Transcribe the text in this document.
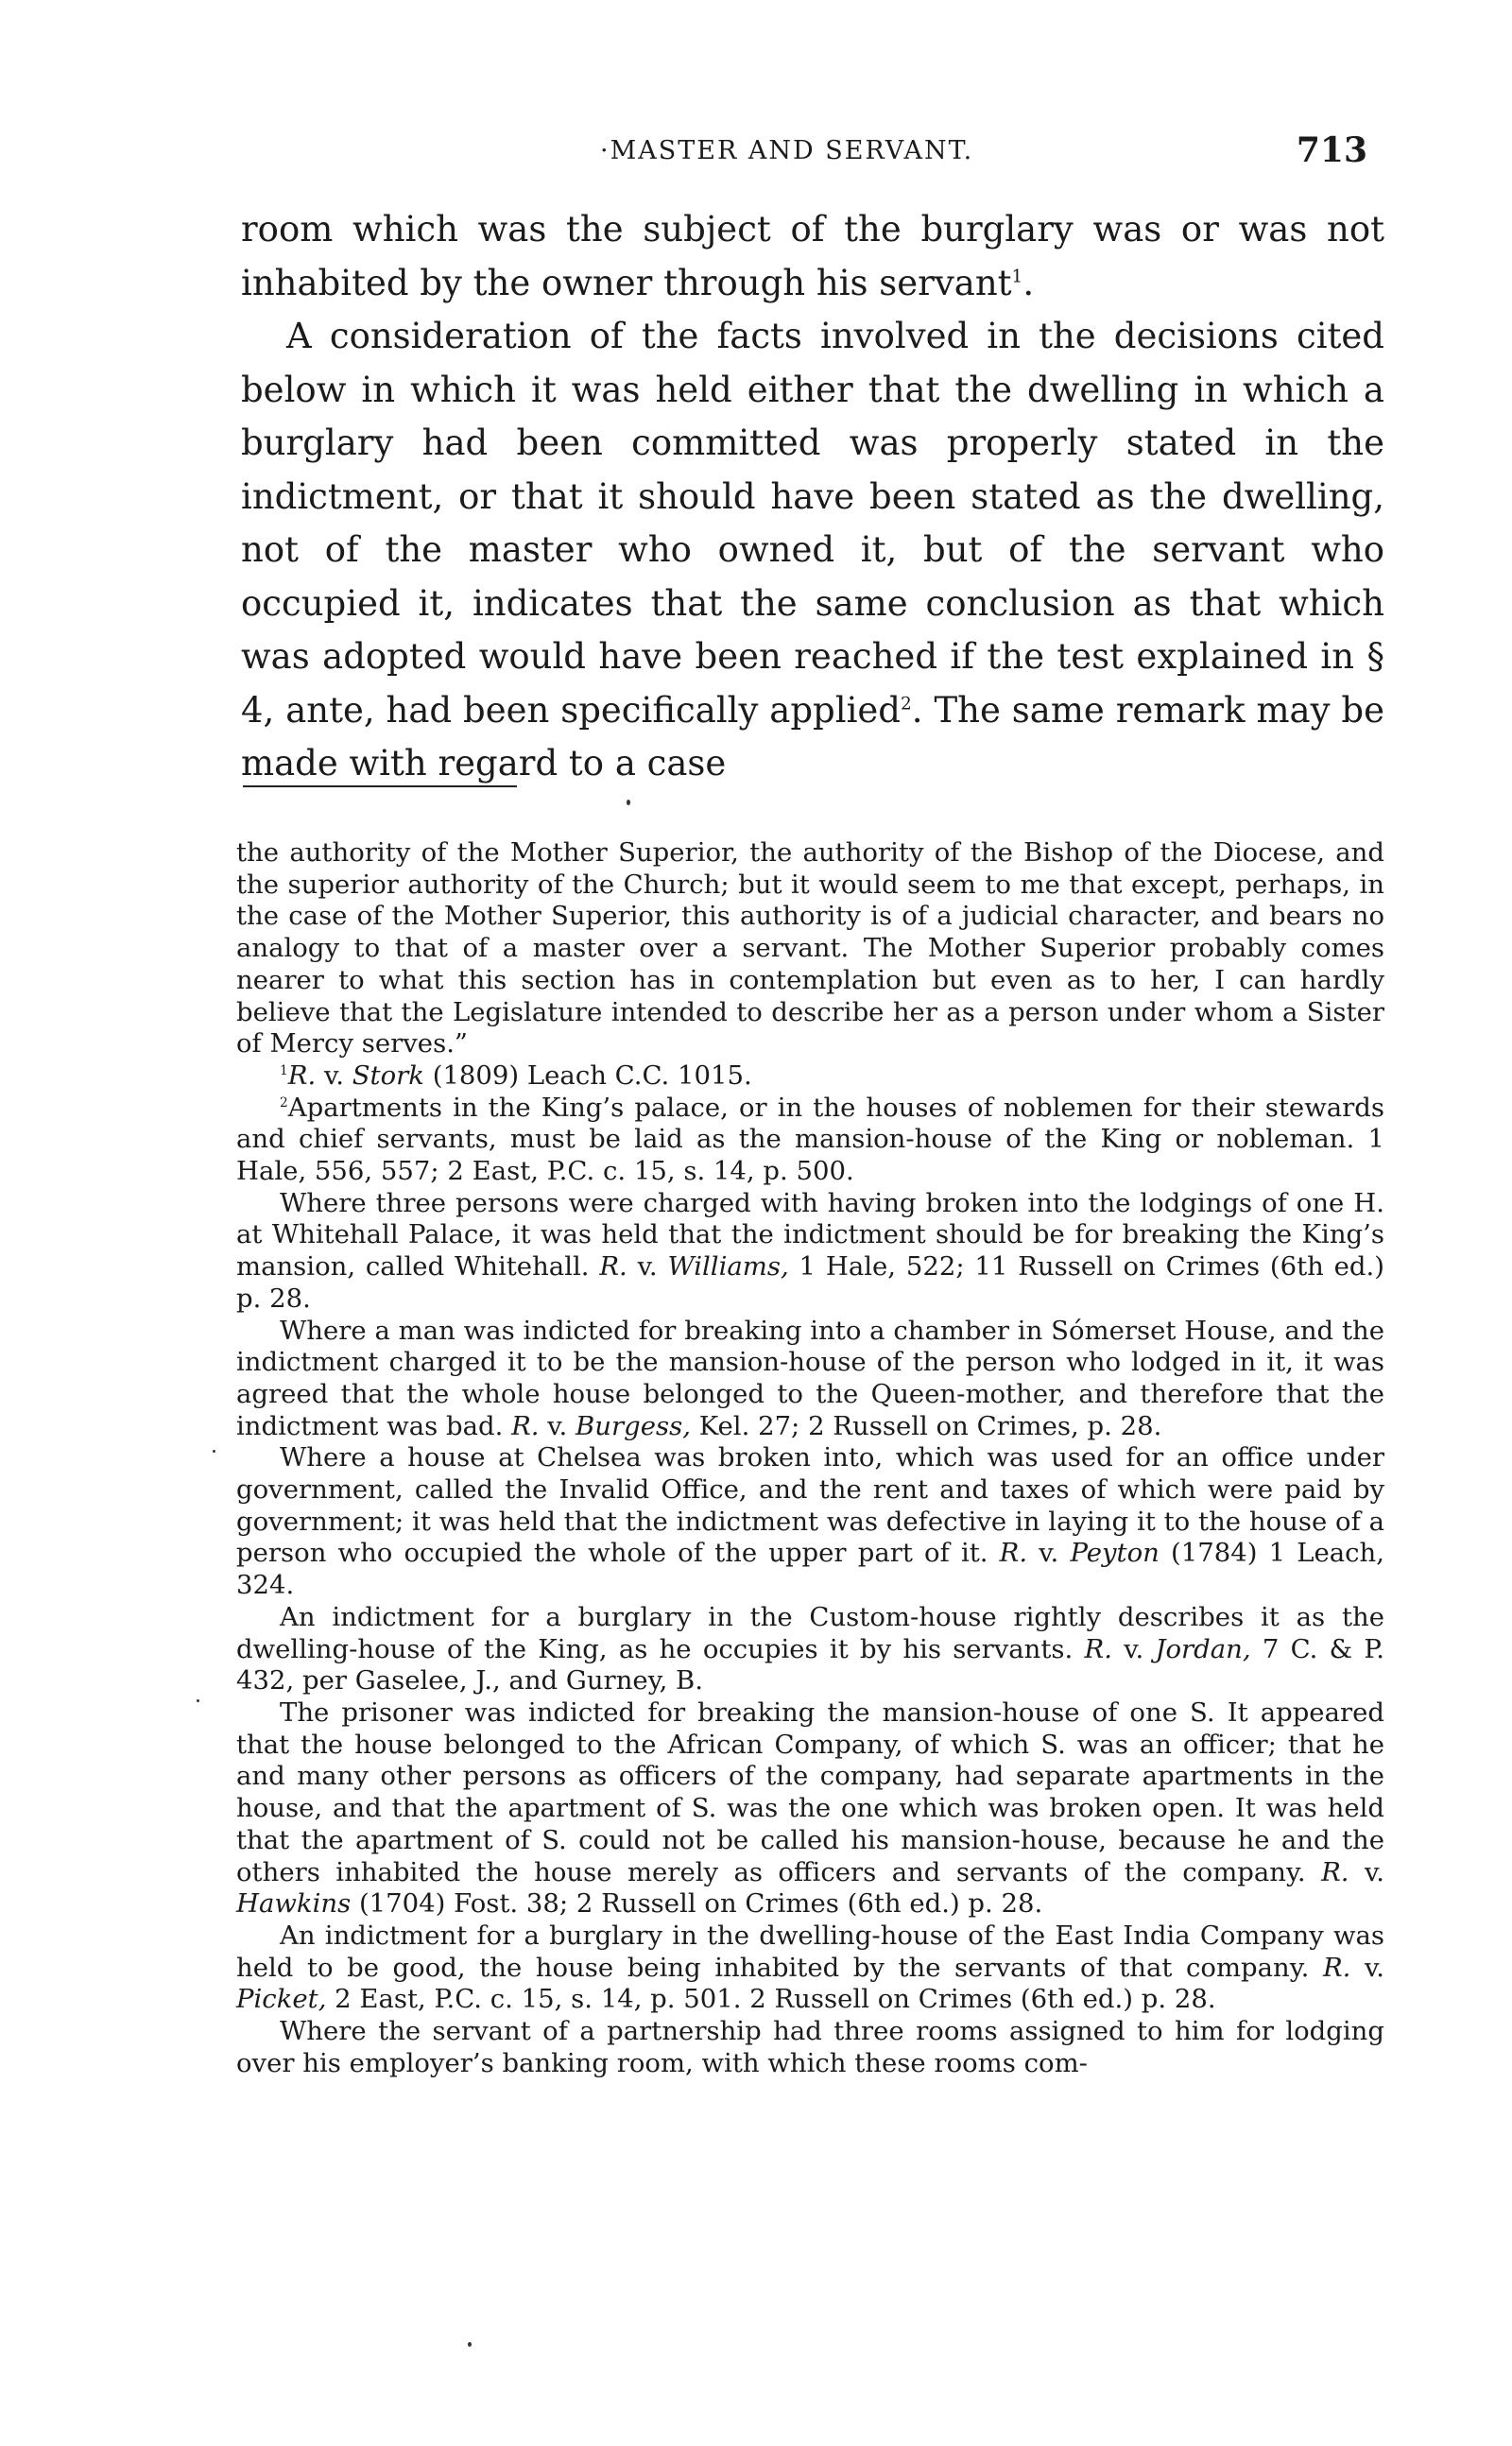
·MASTER AND SERVANT.	713

room which was the subject of the burglary was or was not inhabited by the owner through his servant$^1$.

A consideration of the facts involved in the decisions cited below in which it was held either that the dwelling in which a burglary had been committed was properly stated in the indictment, or that it should have been stated as the dwelling, not of the master who owned it, but of the servant who occupied it, indicates that the same conclusion as that which was adopted would have been reached if the test explained in § 4, ante, had been specifically applied$^2$. The same remark may be made with regard to a case

the authority of the Mother Superior, the authority of the Bishop of the Diocese, and the superior authority of the Church; but it would seem to me that except, perhaps, in the case of the Mother Superior, this authority is of a judicial character, and bears no analogy to that of a master over a servant. The Mother Superior probably comes nearer to what this section has in contemplation but even as to her, I can hardly believe that the Legislature intended to describe her as a person under whom a Sister of Mercy serves.”

$^1$R. v. Stork (1809) Leach C.C. 1015.

$^2$Apartments in the King’s palace, or in the houses of noblemen for their stewards and chief servants, must be laid as the mansion-house of the King or nobleman. 1 Hale, 556, 557; 2 East, P.C. c. 15, s. 14, p. 500.

Where three persons were charged with having broken into the lodgings of one H. at Whitehall Palace, it was held that the indictment should be for breaking the King’s mansion, called Whitehall. R. v. Williams, 1 Hale, 522; 11 Russell on Crimes (6th ed.) p. 28.

Where a man was indicted for breaking into a chamber in Sómerset House, and the indictment charged it to be the mansion-house of the person who lodged in it, it was agreed that the whole house belonged to the Queen-mother, and therefore that the indictment was bad. R. v. Burgess, Kel. 27; 2 Russell on Crimes, p. 28.

Where a house at Chelsea was broken into, which was used for an office under government, called the Invalid Office, and the rent and taxes of which were paid by government; it was held that the indictment was defective in laying it to the house of a person who occupied the whole of the upper part of it. R. v. Peyton (1784) 1 Leach, 324.

An indictment for a burglary in the Custom-house rightly describes it as the dwelling-house of the King, as he occupies it by his servants. R. v. Jordan, 7 C. & P. 432, per Gaselee, J., and Gurney, B.

The prisoner was indicted for breaking the mansion-house of one S. It appeared that the house belonged to the African Company, of which S. was an officer; that he and many other persons as officers of the company, had separate apartments in the house, and that the apartment of S. was the one which was broken open. It was held that the apartment of S. could not be called his mansion-house, because he and the others inhabited the house merely as officers and servants of the company. R. v. Hawkins (1704) Fost. 38; 2 Russell on Crimes (6th ed.) p. 28.

An indictment for a burglary in the dwelling-house of the East India Company was held to be good, the house being inhabited by the servants of that company. R. v. Picket, 2 East, P.C. c. 15, s. 14, p. 501. 2 Russell on Crimes (6th ed.) p. 28.

Where the servant of a partnership had three rooms assigned to him for lodging over his employer’s banking room, with which these rooms com-
